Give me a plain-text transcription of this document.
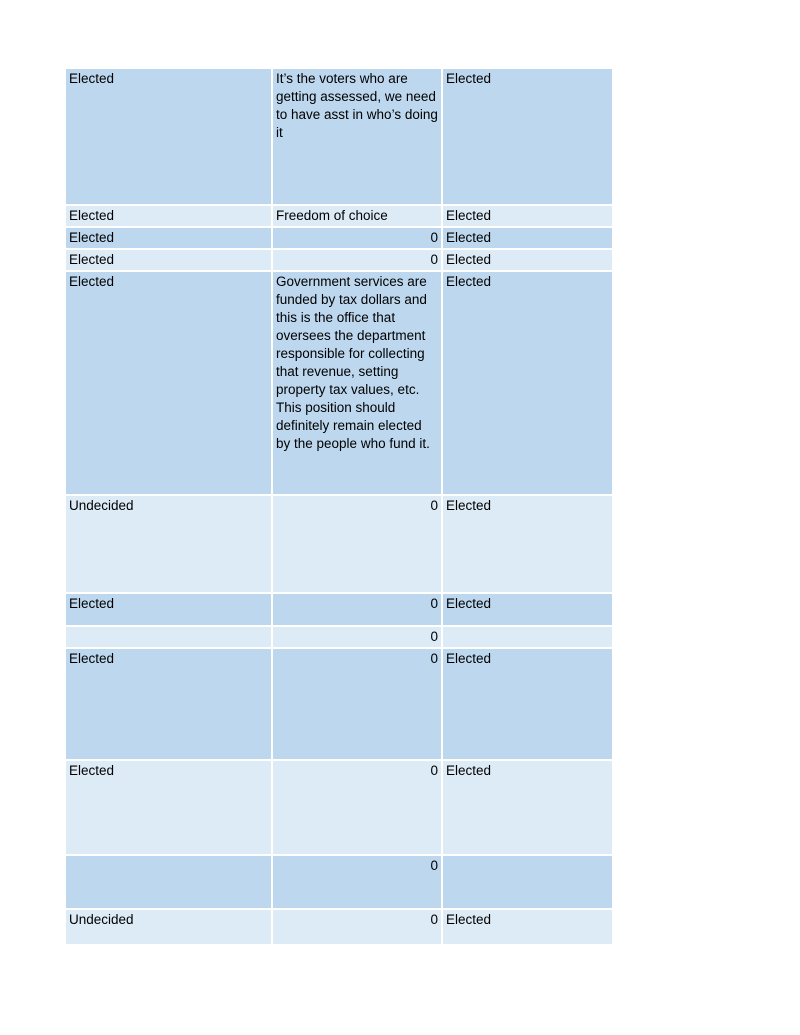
Elected	It’s the voters who are getting assessed, we need to have asst in who’s doing it	Elected
Elected	Freedom of choice	Elected
Elected	0	Elected
Elected	0	Elected
Elected	Government services are funded by tax dollars and this is the office that oversees the department responsible for collecting that revenue, setting property tax values, etc. This position should definitely remain elected by the people who fund it.	Elected
Undecided	0	Elected
Elected	0	Elected
	0	
Elected	0	Elected
Elected	0	Elected
	0	
Undecided	0	Elected
